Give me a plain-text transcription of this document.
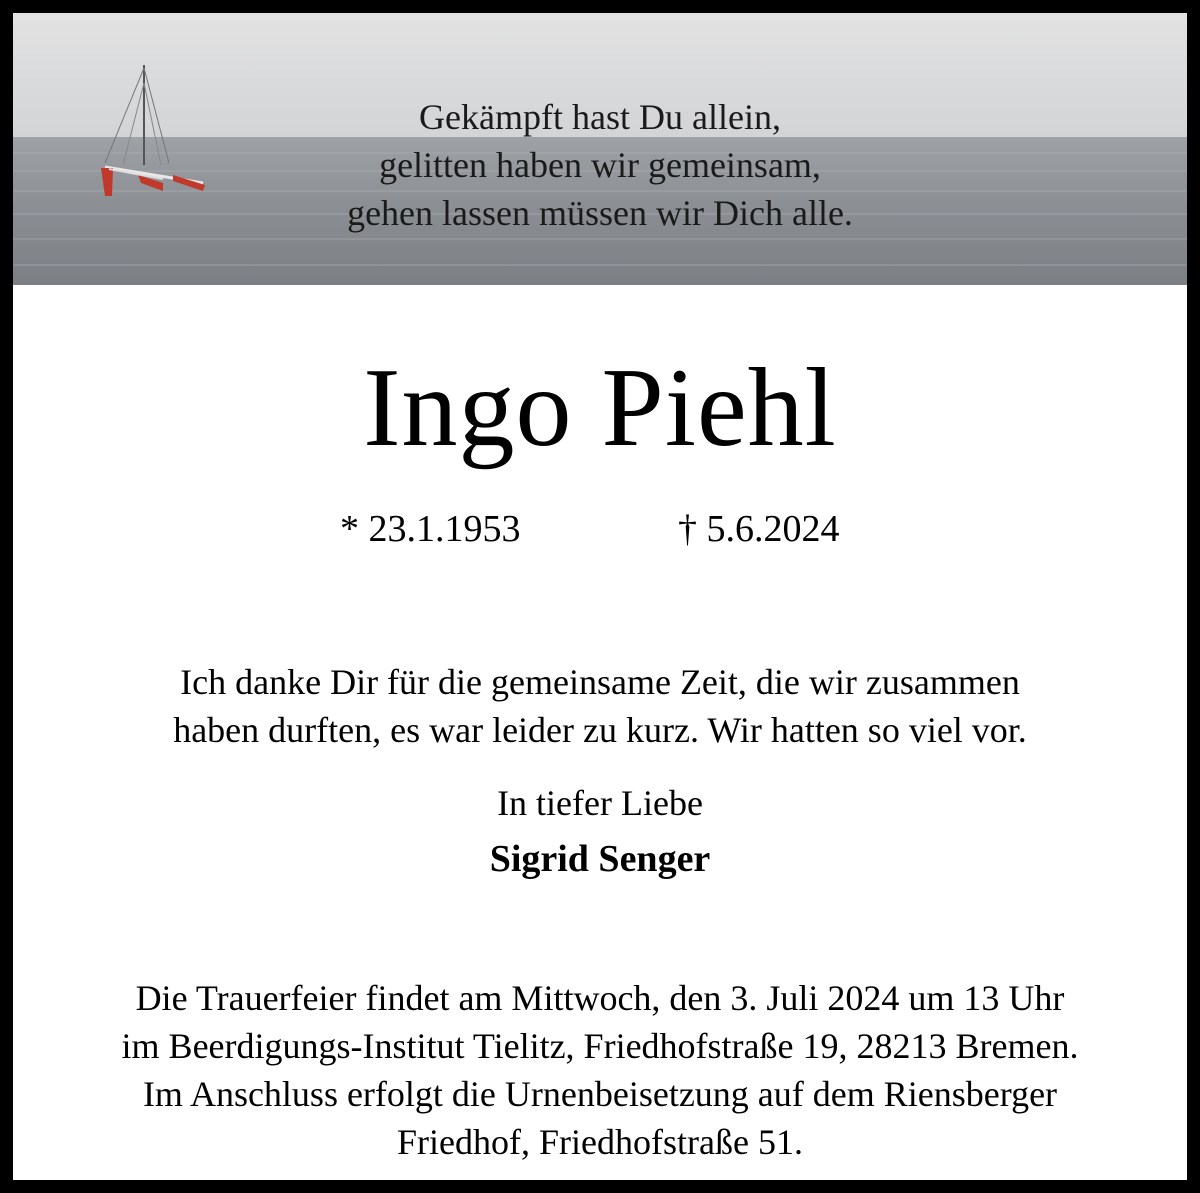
Gekämpft hast Du allein,
gelitten haben wir gemeinsam,
gehen lassen müssen wir Dich alle.
Ingo Piehl
* 23.1.1953	† 5.6.2024
Ich danke Dir für die gemeinsame Zeit, die wir zusammen
haben durften, es war leider zu kurz. Wir hatten so viel vor.
In tiefer Liebe
Sigrid Senger
Die Trauerfeier findet am Mittwoch, den 3. Juli 2024 um 13 Uhr
im Beerdigungs-Institut Tielitz, Friedhofstraße 19, 28213 Bremen.
Im Anschluss erfolgt die Urnenbeisetzung auf dem Riensberger
Friedhof, Friedhofstraße 51.
